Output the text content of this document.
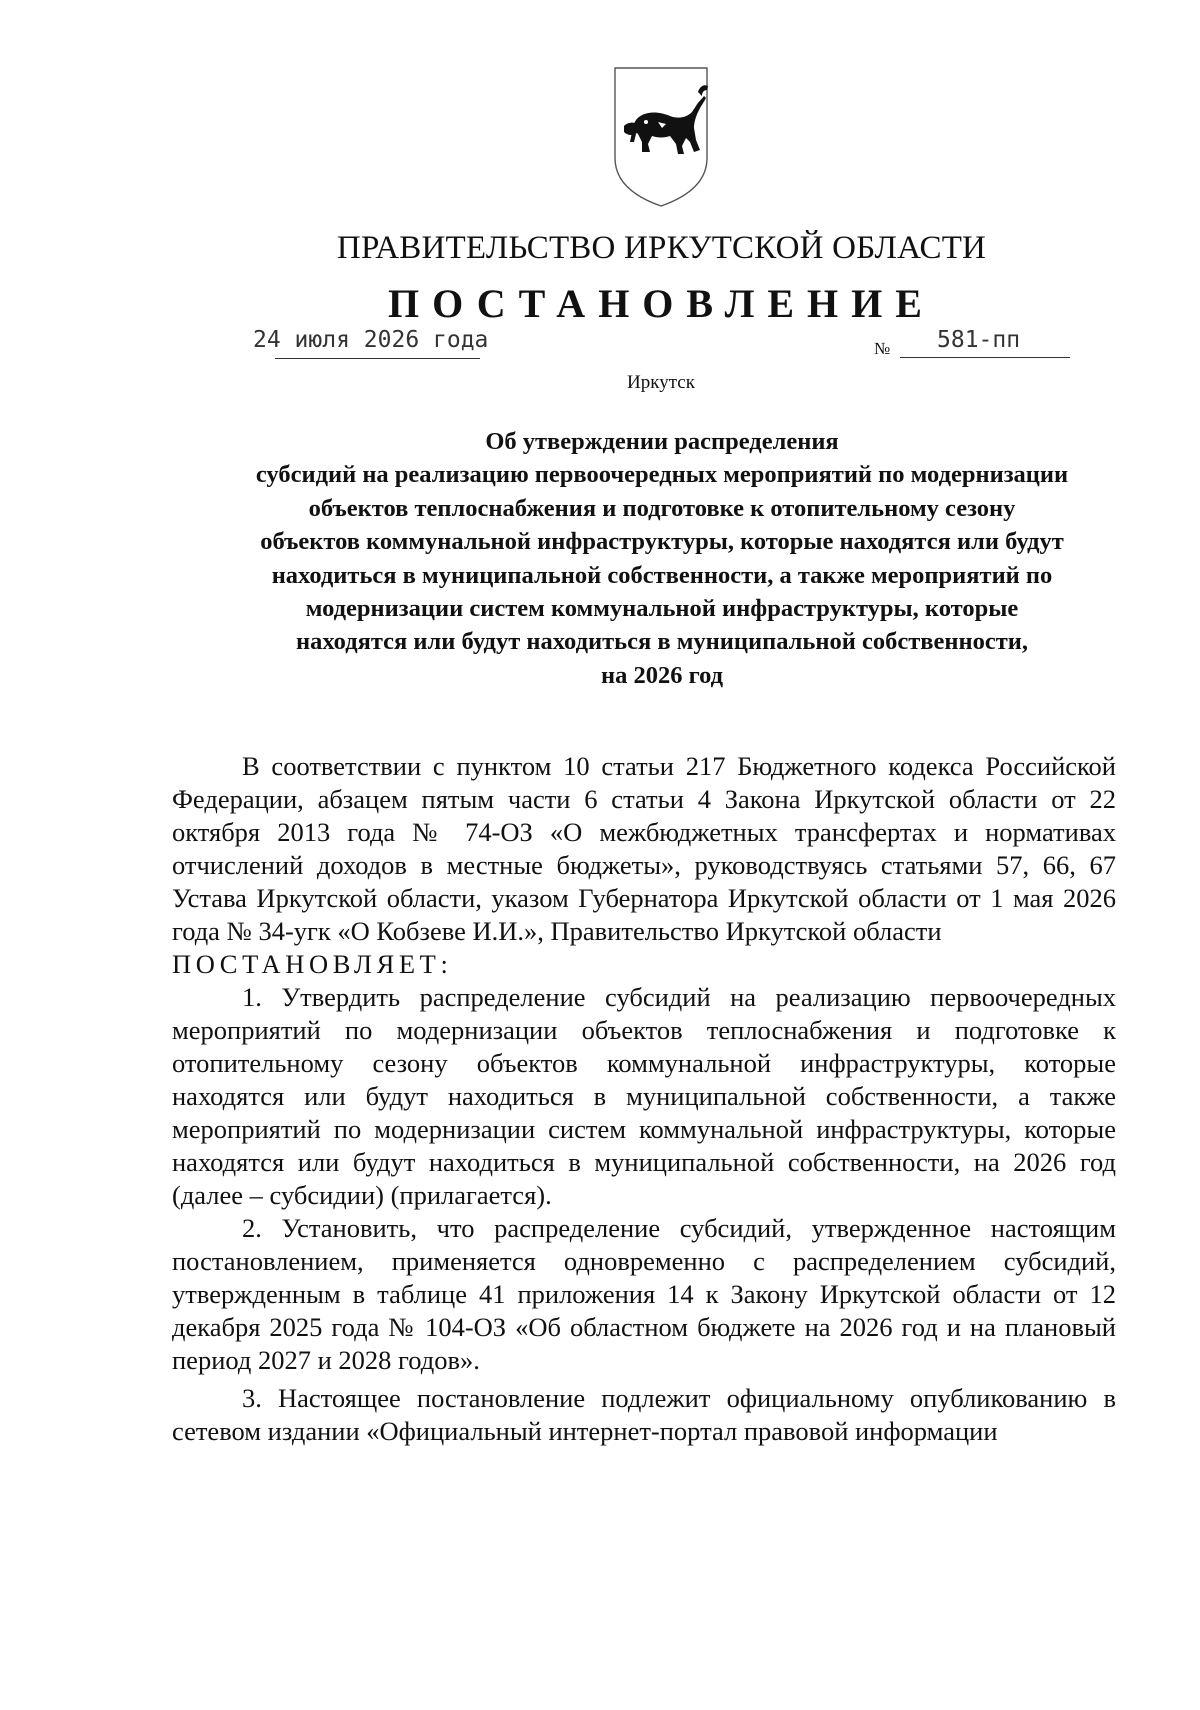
ПРАВИТЕЛЬСТВО ИРКУТСКОЙ ОБЛАСТИ
ПОСТАНОВЛЕНИЕ
24 июля 2026 года	№ 581-пп
Иркутск
Об утверждении распределения
субсидий на реализацию первоочередных мероприятий по модернизации
объектов теплоснабжения и подготовке к отопительному сезону
объектов коммунальной инфраструктуры, которые находятся или будут
находиться в муниципальной собственности, а также мероприятий по
модернизации систем коммунальной инфраструктуры, которые
находятся или будут находиться в муниципальной собственности,
на 2026 год

В соответствии с пунктом 10 статьи 217 Бюджетного кодекса Российской Федерации, абзацем пятым части 6 статьи 4 Закона Иркутской области от 22 октября 2013 года № 74-ОЗ «О межбюджетных трансфертах и нормативах отчислений доходов в местные бюджеты», руководствуясь статьями 57, 66, 67 Устава Иркутской области, указом Губернатора Иркутской области от 1 мая 2026 года № 34-угк «О Кобзеве И.И.», Правительство Иркутской области

ПОСТАНОВЛЯЕТ:

1. Утвердить распределение субсидий на реализацию первоочередных мероприятий по модернизации объектов теплоснабжения и подготовке к отопительному сезону объектов коммунальной инфраструктуры, которые находятся или будут находиться в муниципальной собственности, а также мероприятий по модернизации систем коммунальной инфраструктуры, которые находятся или будут находиться в муниципальной собственности, на 2026 год (далее – субсидии) (прилагается).

2. Установить, что распределение субсидий, утвержденное настоящим постановлением, применяется одновременно с распределением субсидий, утвержденным в таблице 41 приложения 14 к Закону Иркутской области от 12 декабря 2025 года № 104-ОЗ «Об областном бюджете на 2026 год и на плановый период 2027 и 2028 годов».

3. Настоящее постановление подлежит официальному опубликованию в сетевом издании «Официальный интернет-портал правовой информации
